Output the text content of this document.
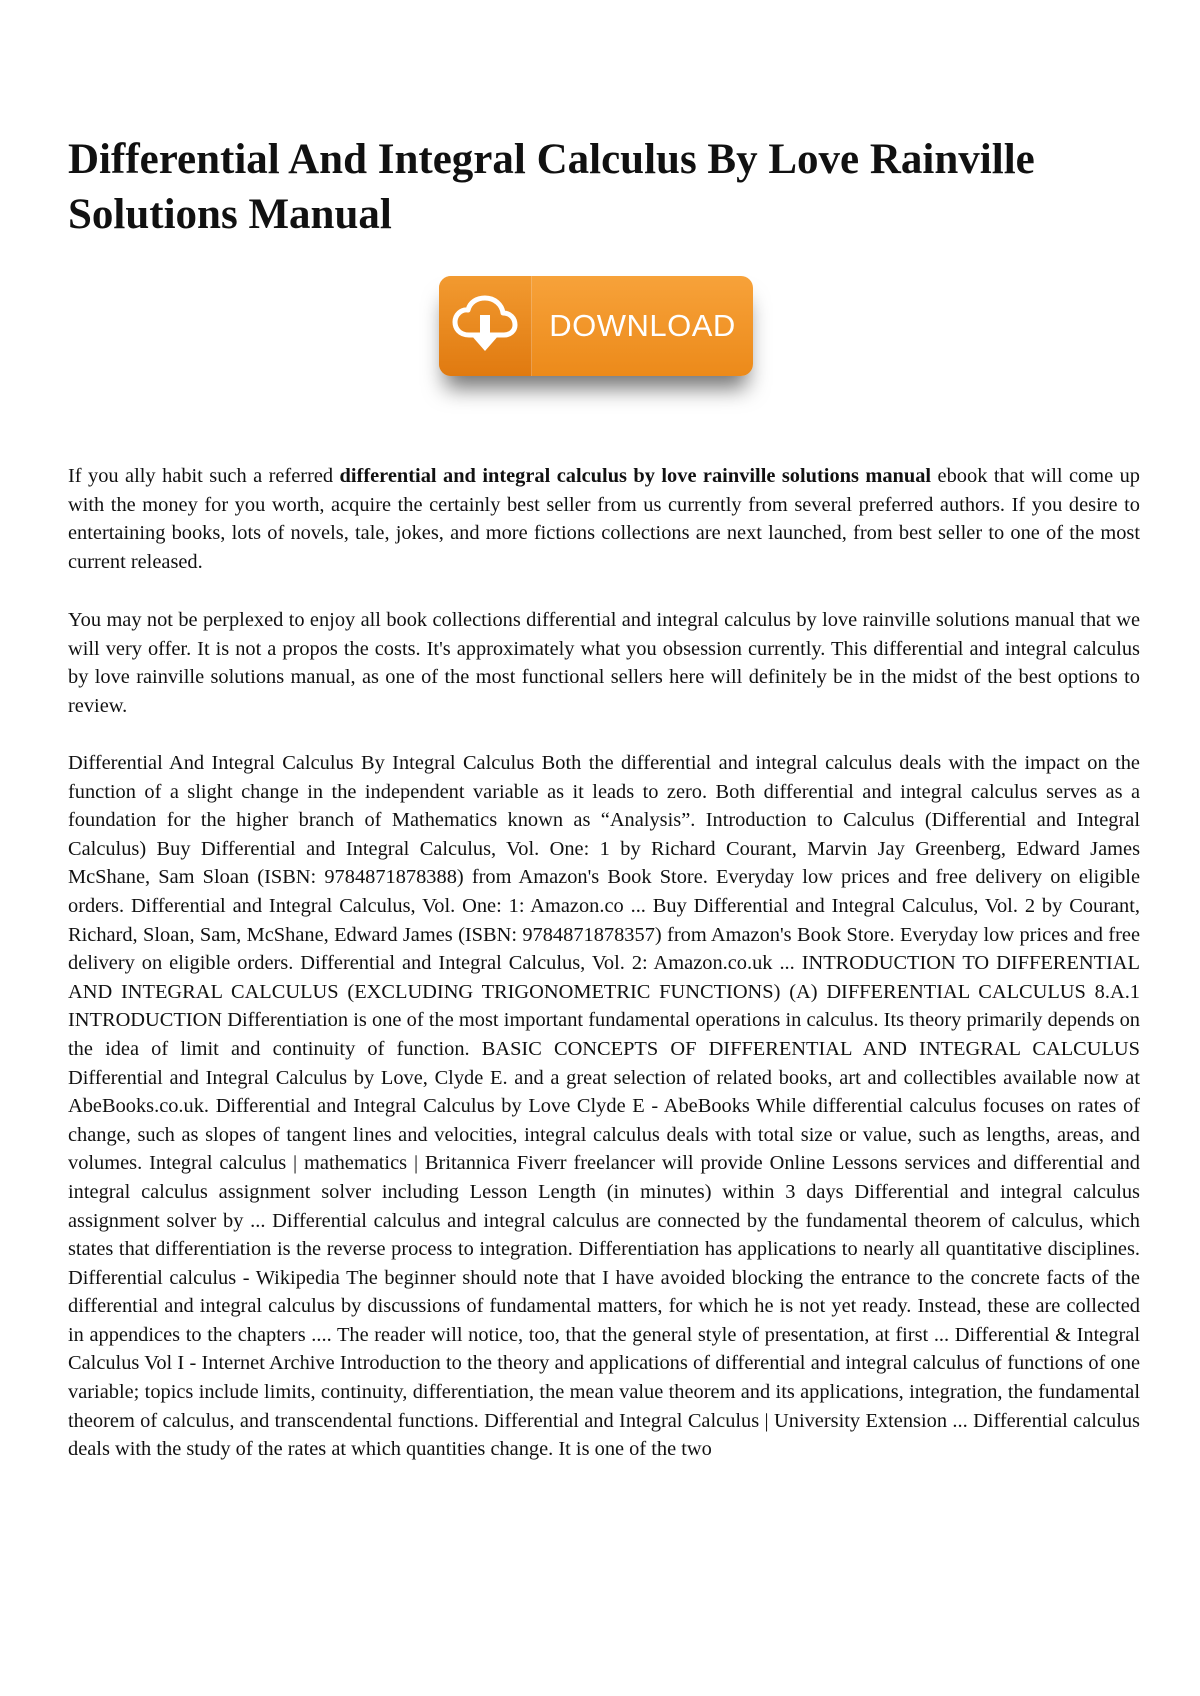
Differential And Integral Calculus By Love Rainville Solutions Manual
DOWNLOAD

If you ally habit such a referred differential and integral calculus by love rainville solutions manual ebook that will come up with the money for you worth, acquire the certainly best seller from us currently from several preferred authors. If you desire to entertaining books, lots of novels, tale, jokes, and more fictions collections are next launched, from best seller to one of the most current released.

You may not be perplexed to enjoy all book collections differential and integral calculus by love rainville solutions manual that we will very offer. It is not a propos the costs. It's approximately what you obsession currently. This differential and integral calculus by love rainville solutions manual, as one of the most functional sellers here will definitely be in the midst of the best options to review.

Differential And Integral Calculus By Integral Calculus Both the differential and integral calculus deals with the impact on the function of a slight change in the independent variable as it leads to zero. Both differential and integral calculus serves as a foundation for the higher branch of Mathematics known as “Analysis”. Introduction to Calculus (Differential and Integral Calculus) Buy Differential and Integral Calculus, Vol. One: 1 by Richard Courant, Marvin Jay Greenberg, Edward James McShane, Sam Sloan (ISBN: 9784871878388) from Amazon's Book Store. Everyday low prices and free delivery on eligible orders. Differential and Integral Calculus, Vol. One: 1: Amazon.co ... Buy Differential and Integral Calculus, Vol. 2 by Courant, Richard, Sloan, Sam, McShane, Edward James (ISBN: 9784871878357) from Amazon's Book Store. Everyday low prices and free delivery on eligible orders. Differential and Integral Calculus, Vol. 2: Amazon.co.uk ... INTRODUCTION TO DIFFERENTIAL AND INTEGRAL CALCULUS (EXCLUDING TRIGONOMETRIC FUNCTIONS) (A) DIFFERENTIAL CALCULUS 8.A.1 INTRODUCTION Differentiation is one of the most important fundamental operations in calculus. Its theory primarily depends on the idea of limit and continuity of function. BASIC CONCEPTS OF DIFFERENTIAL AND INTEGRAL CALCULUS Differential and Integral Calculus by Love, Clyde E. and a great selection of related books, art and collectibles available now at AbeBooks.co.uk. Differential and Integral Calculus by Love Clyde E - AbeBooks While differential calculus focuses on rates of change, such as slopes of tangent lines and velocities, integral calculus deals with total size or value, such as lengths, areas, and volumes. Integral calculus | mathematics | Britannica Fiverr freelancer will provide Online Lessons services and differential and integral calculus assignment solver including Lesson Length (in minutes) within 3 days Differential and integral calculus assignment solver by ... Differential calculus and integral calculus are connected by the fundamental theorem of calculus, which states that differentiation is the reverse process to integration. Differentiation has applications to nearly all quantitative disciplines. Differential calculus - Wikipedia The beginner should note that I have avoided blocking the entrance to the concrete facts of the differential and integral calculus by discussions of fundamental matters, for which he is not yet ready. Instead, these are collected in appendices to the chapters .... The reader will notice, too, that the general style of presentation, at first ... Differential & Integral Calculus Vol I - Internet Archive Introduction to the theory and applications of differential and integral calculus of functions of one variable; topics include limits, continuity, differentiation, the mean value theorem and its applications, integration, the fundamental theorem of calculus, and transcendental functions. Differential and Integral Calculus | University Extension ... Differential calculus deals with the study of the rates at which quantities change. It is one of the two
